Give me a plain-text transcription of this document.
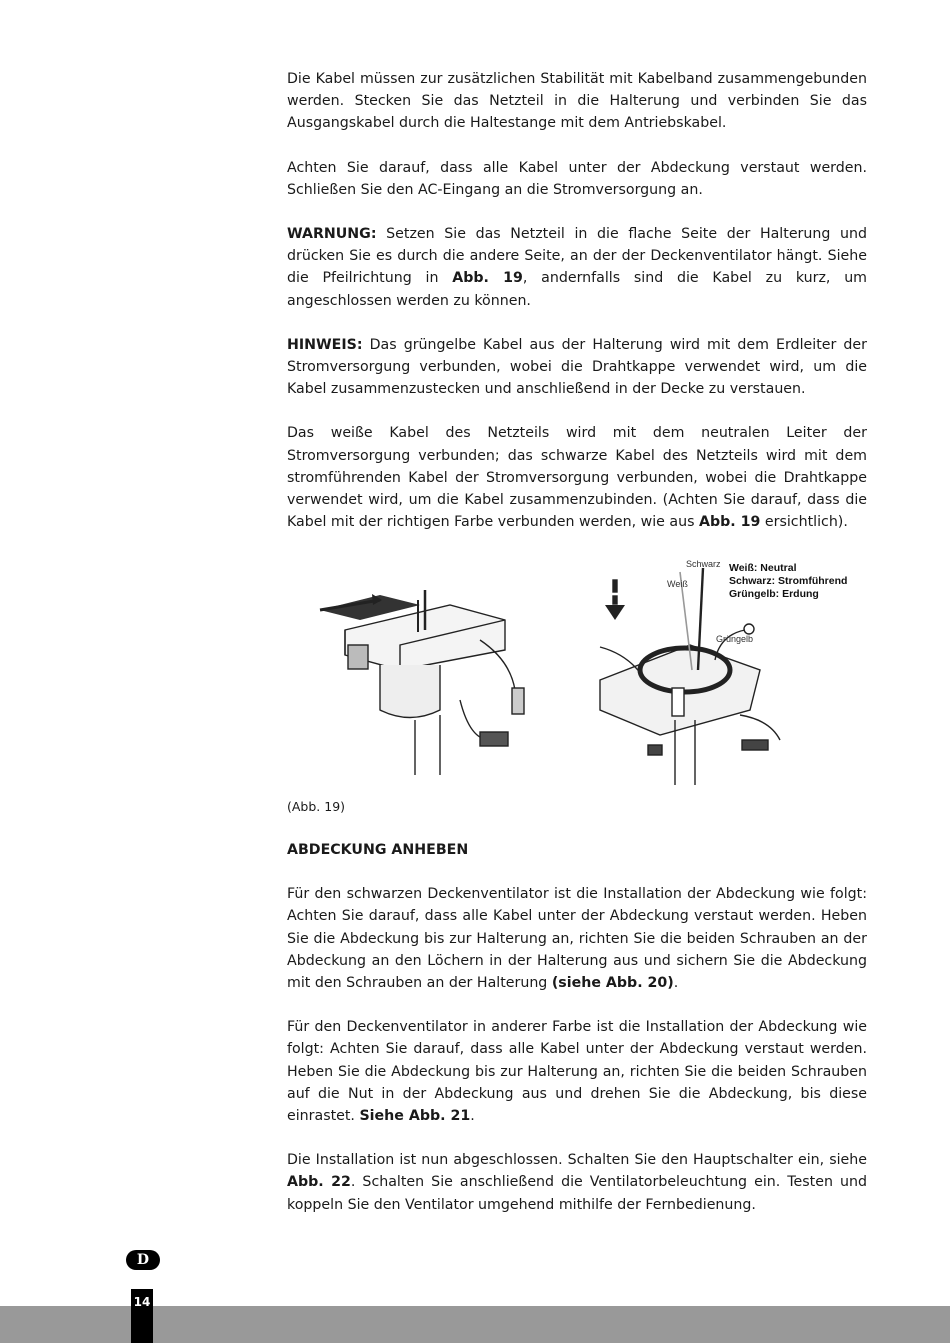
Die Kabel müssen zur zusätzlichen Stabilität mit Kabelband zusammengebunden werden. Stecken Sie das Netzteil in die Halterung und verbinden Sie das Ausgangskabel durch die Haltestange mit dem Antriebskabel.

Achten Sie darauf, dass alle Kabel unter der Abdeckung verstaut werden. Schließen Sie den AC-Eingang an die Stromversorgung an.

WARNUNG: Setzen Sie das Netzteil in die flache Seite der Halterung und drücken Sie es durch die andere Seite, an der der Deckenventilator hängt. Siehe die Pfeilrichtung in Abb. 19, andernfalls sind die Kabel zu kurz, um angeschlossen werden zu können.

HINWEIS: Das grüngelbe Kabel aus der Halterung wird mit dem Erdleiter der Stromversorgung verbunden, wobei die Drahtkappe verwendet wird, um die Kabel zusammenzustecken und anschließend in der Decke zu verstauen.

Das weiße Kabel des Netzteils wird mit dem neutralen Leiter der Stromversorgung verbunden; das schwarze Kabel des Netzteils wird mit dem stromführenden Kabel der Stromversorgung verbunden, wobei die Drahtkappe verwendet wird, um die Kabel zusammenzubinden. (Achten Sie darauf, dass die Kabel mit der richtigen Farbe verbunden werden, wie aus Abb. 19 ersichtlich).

Schwarz
Weiß
Grüngelb
Weiß: Neutral
Schwarz: Stromführend
Grüngelb: Erdung
(Abb. 19)

ABDECKUNG ANHEBEN

Für den schwarzen Deckenventilator ist die Installation der Abdeckung wie folgt: Achten Sie darauf, dass alle Kabel unter der Abdeckung verstaut werden. Heben Sie die Abdeckung bis zur Halterung an, richten Sie die beiden Schrauben an der Abdeckung an den Löchern in der Halterung aus und sichern Sie die Abdeckung mit den Schrauben an der Halterung (siehe Abb. 20).

Für den Deckenventilator in anderer Farbe ist die Installation der Abdeckung wie folgt: Achten Sie darauf, dass alle Kabel unter der Abdeckung verstaut werden. Heben Sie die Abdeckung bis zur Halterung an, richten Sie die beiden Schrauben auf die Nut in der Abdeckung aus und drehen Sie die Abdeckung, bis diese einrastet. Siehe Abb. 21.

Die Installation ist nun abgeschlossen. Schalten Sie den Hauptschalter ein, siehe Abb. 22. Schalten Sie anschließend die Ventilatorbeleuchtung ein. Testen und koppeln Sie den Ventilator umgehend mithilfe der Fernbedienung.

D
14
